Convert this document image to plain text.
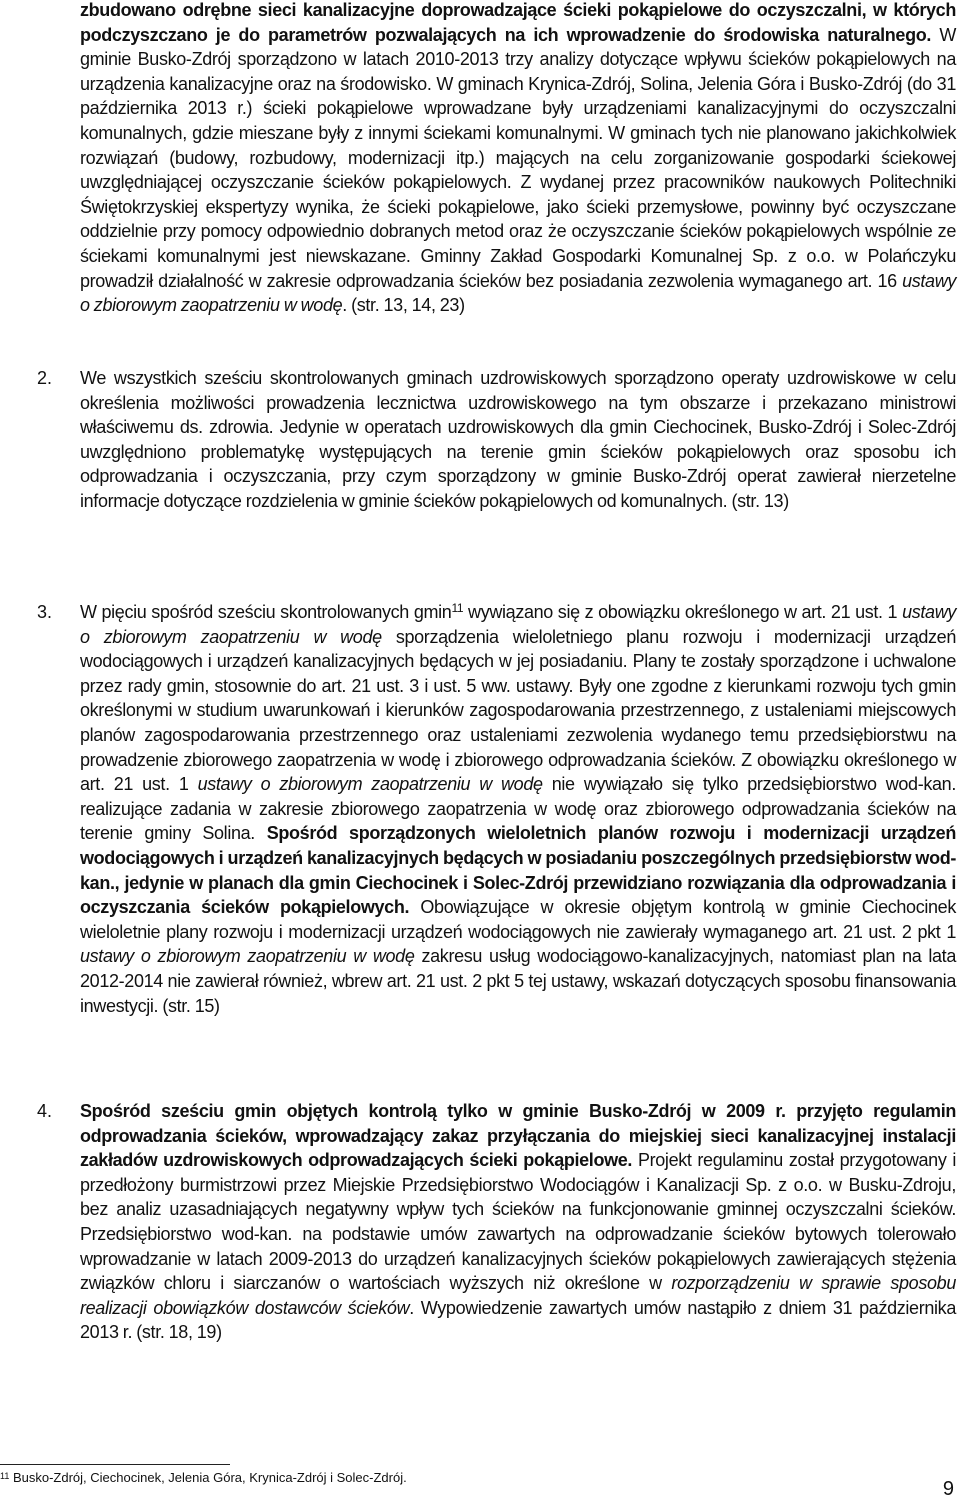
zbudowano odrębne sieci kanalizacyjne doprowadzające ścieki pokąpielowe do oczyszczalni, w których podczyszczano je do parametrów pozwalających na ich wprowadzenie do środowiska naturalnego. W gminie Busko-Zdrój sporządzono w latach 2010-2013 trzy analizy dotyczące wpływu ścieków pokąpielowych na urządzenia kanalizacyjne oraz na środowisko. W gminach Krynica-Zdrój, Solina, Jelenia Góra i Busko-Zdrój (do 31 października 2013 r.) ścieki pokąpielowe wprowadzane były urządzeniami kanalizacyjnymi do oczyszczalni komunalnych, gdzie mieszane były z innymi ściekami komunalnymi. W gminach tych nie planowano jakichkolwiek rozwiązań (budowy, rozbudowy, modernizacji itp.) mających na celu zorganizowanie gospodarki ściekowej uwzględniającej oczyszczanie ścieków pokąpielowych. Z wydanej przez pracowników naukowych Politechniki Świętokrzyskiej ekspertyzy wynika, że ścieki pokąpielowe, jako ścieki przemysłowe, powinny być oczyszczane oddzielnie przy pomocy odpowiednio dobranych metod oraz że oczyszczanie ścieków pokąpielowych wspólnie ze ściekami komunalnymi jest niewskazane. Gminny Zakład Gospodarki Komunalnej Sp. z o.o. w Polańczyku prowadził działalność w zakresie odprowadzania ścieków bez posiadania zezwolenia wymaganego art. 16 ustawy o zbiorowym zaopatrzeniu w wodę. (str. 13, 14, 23)
2. We wszystkich sześciu skontrolowanych gminach uzdrowiskowych sporządzono operaty uzdrowiskowe w celu określenia możliwości prowadzenia lecznictwa uzdrowiskowego na tym obszarze i przekazano ministrowi właściwemu ds. zdrowia. Jedynie w operatach uzdrowiskowych dla gmin Ciechocinek, Busko-Zdrój i Solec-Zdrój uwzględniono problematykę występujących na terenie gmin ścieków pokąpielowych oraz sposobu ich odprowadzania i oczyszczania, przy czym sporządzony w gminie Busko-Zdrój operat zawierał nierzetelne informacje dotyczące rozdzielenia w gminie ścieków pokąpielowych od komunalnych. (str. 13)
3. W pięciu spośród sześciu skontrolowanych gmin$^{11}$ wywiązano się z obowiązku określonego w art. 21 ust. 1 ustawy o zbiorowym zaopatrzeniu w wodę sporządzenia wieloletniego planu rozwoju i modernizacji urządzeń wodociągowych i urządzeń kanalizacyjnych będących w jej posiadaniu. Plany te zostały sporządzone i uchwalone przez rady gmin, stosownie do art. 21 ust. 3 i ust. 5 ww. ustawy. Były one zgodne z kierunkami rozwoju tych gmin określonymi w studium uwarunkowań i kierunków zagospodarowania przestrzennego, z ustaleniami miejscowych planów zagospodarowania przestrzennego oraz ustaleniami zezwolenia wydanego temu przedsiębiorstwu na prowadzenie zbiorowego zaopatrzenia w wodę i zbiorowego odprowadzania ścieków. Z obowiązku określonego w art. 21 ust. 1 ustawy o zbiorowym zaopatrzeniu w wodę nie wywiązało się tylko przedsiębiorstwo wod-kan. realizujące zadania w zakresie zbiorowego zaopatrzenia w wodę oraz zbiorowego odprowadzania ścieków na terenie gminy Solina. Spośród sporządzonych wieloletnich planów rozwoju i modernizacji urządzeń wodociągowych i urządzeń kanalizacyjnych będących w posiadaniu poszczególnych przedsiębiorstw wod-kan., jedynie w planach dla gmin Ciechocinek i Solec-Zdrój przewidziano rozwiązania dla odprowadzania i oczyszczania ścieków pokąpielowych. Obowiązujące w okresie objętym kontrolą w gminie Ciechocinek wieloletnie plany rozwoju i modernizacji urządzeń wodociągowych nie zawierały wymaganego art. 21 ust. 2 pkt 1 ustawy o zbiorowym zaopatrzeniu w wodę zakresu usług wodociągowo-kanalizacyjnych, natomiast plan na lata 2012-2014 nie zawierał również, wbrew art. 21 ust. 2 pkt 5 tej ustawy, wskazań dotyczących sposobu finansowania inwestycji. (str. 15)
4. Spośród sześciu gmin objętych kontrolą tylko w gminie Busko-Zdrój w 2009 r. przyjęto regulamin odprowadzania ścieków, wprowadzający zakaz przyłączania do miejskiej sieci kanalizacyjnej instalacji zakładów uzdrowiskowych odprowadzających ścieki pokąpielowe. Projekt regulaminu został przygotowany i przedłożony burmistrzowi przez Miejskie Przedsiębiorstwo Wodociągów i Kanalizacji Sp. z o.o. w Busku-Zdroju, bez analiz uzasadniających negatywny wpływ tych ścieków na funkcjonowanie gminnej oczyszczalni ścieków. Przedsiębiorstwo wod-kan. na podstawie umów zawartych na odprowadzanie ścieków bytowych tolerowało wprowadzanie w latach 2009-2013 do urządzeń kanalizacyjnych ścieków pokąpielowych zawierających stężenia związków chloru i siarczanów o wartościach wyższych niż określone w rozporządzeniu w sprawie sposobu realizacji obowiązków dostawców ścieków. Wypowiedzenie zawartych umów nastąpiło z dniem 31 października 2013 r. (str. 18, 19)
$^{11}$ Busko-Zdrój, Ciechocinek, Jelenia Góra, Krynica-Zdrój i Solec-Zdrój.
9
